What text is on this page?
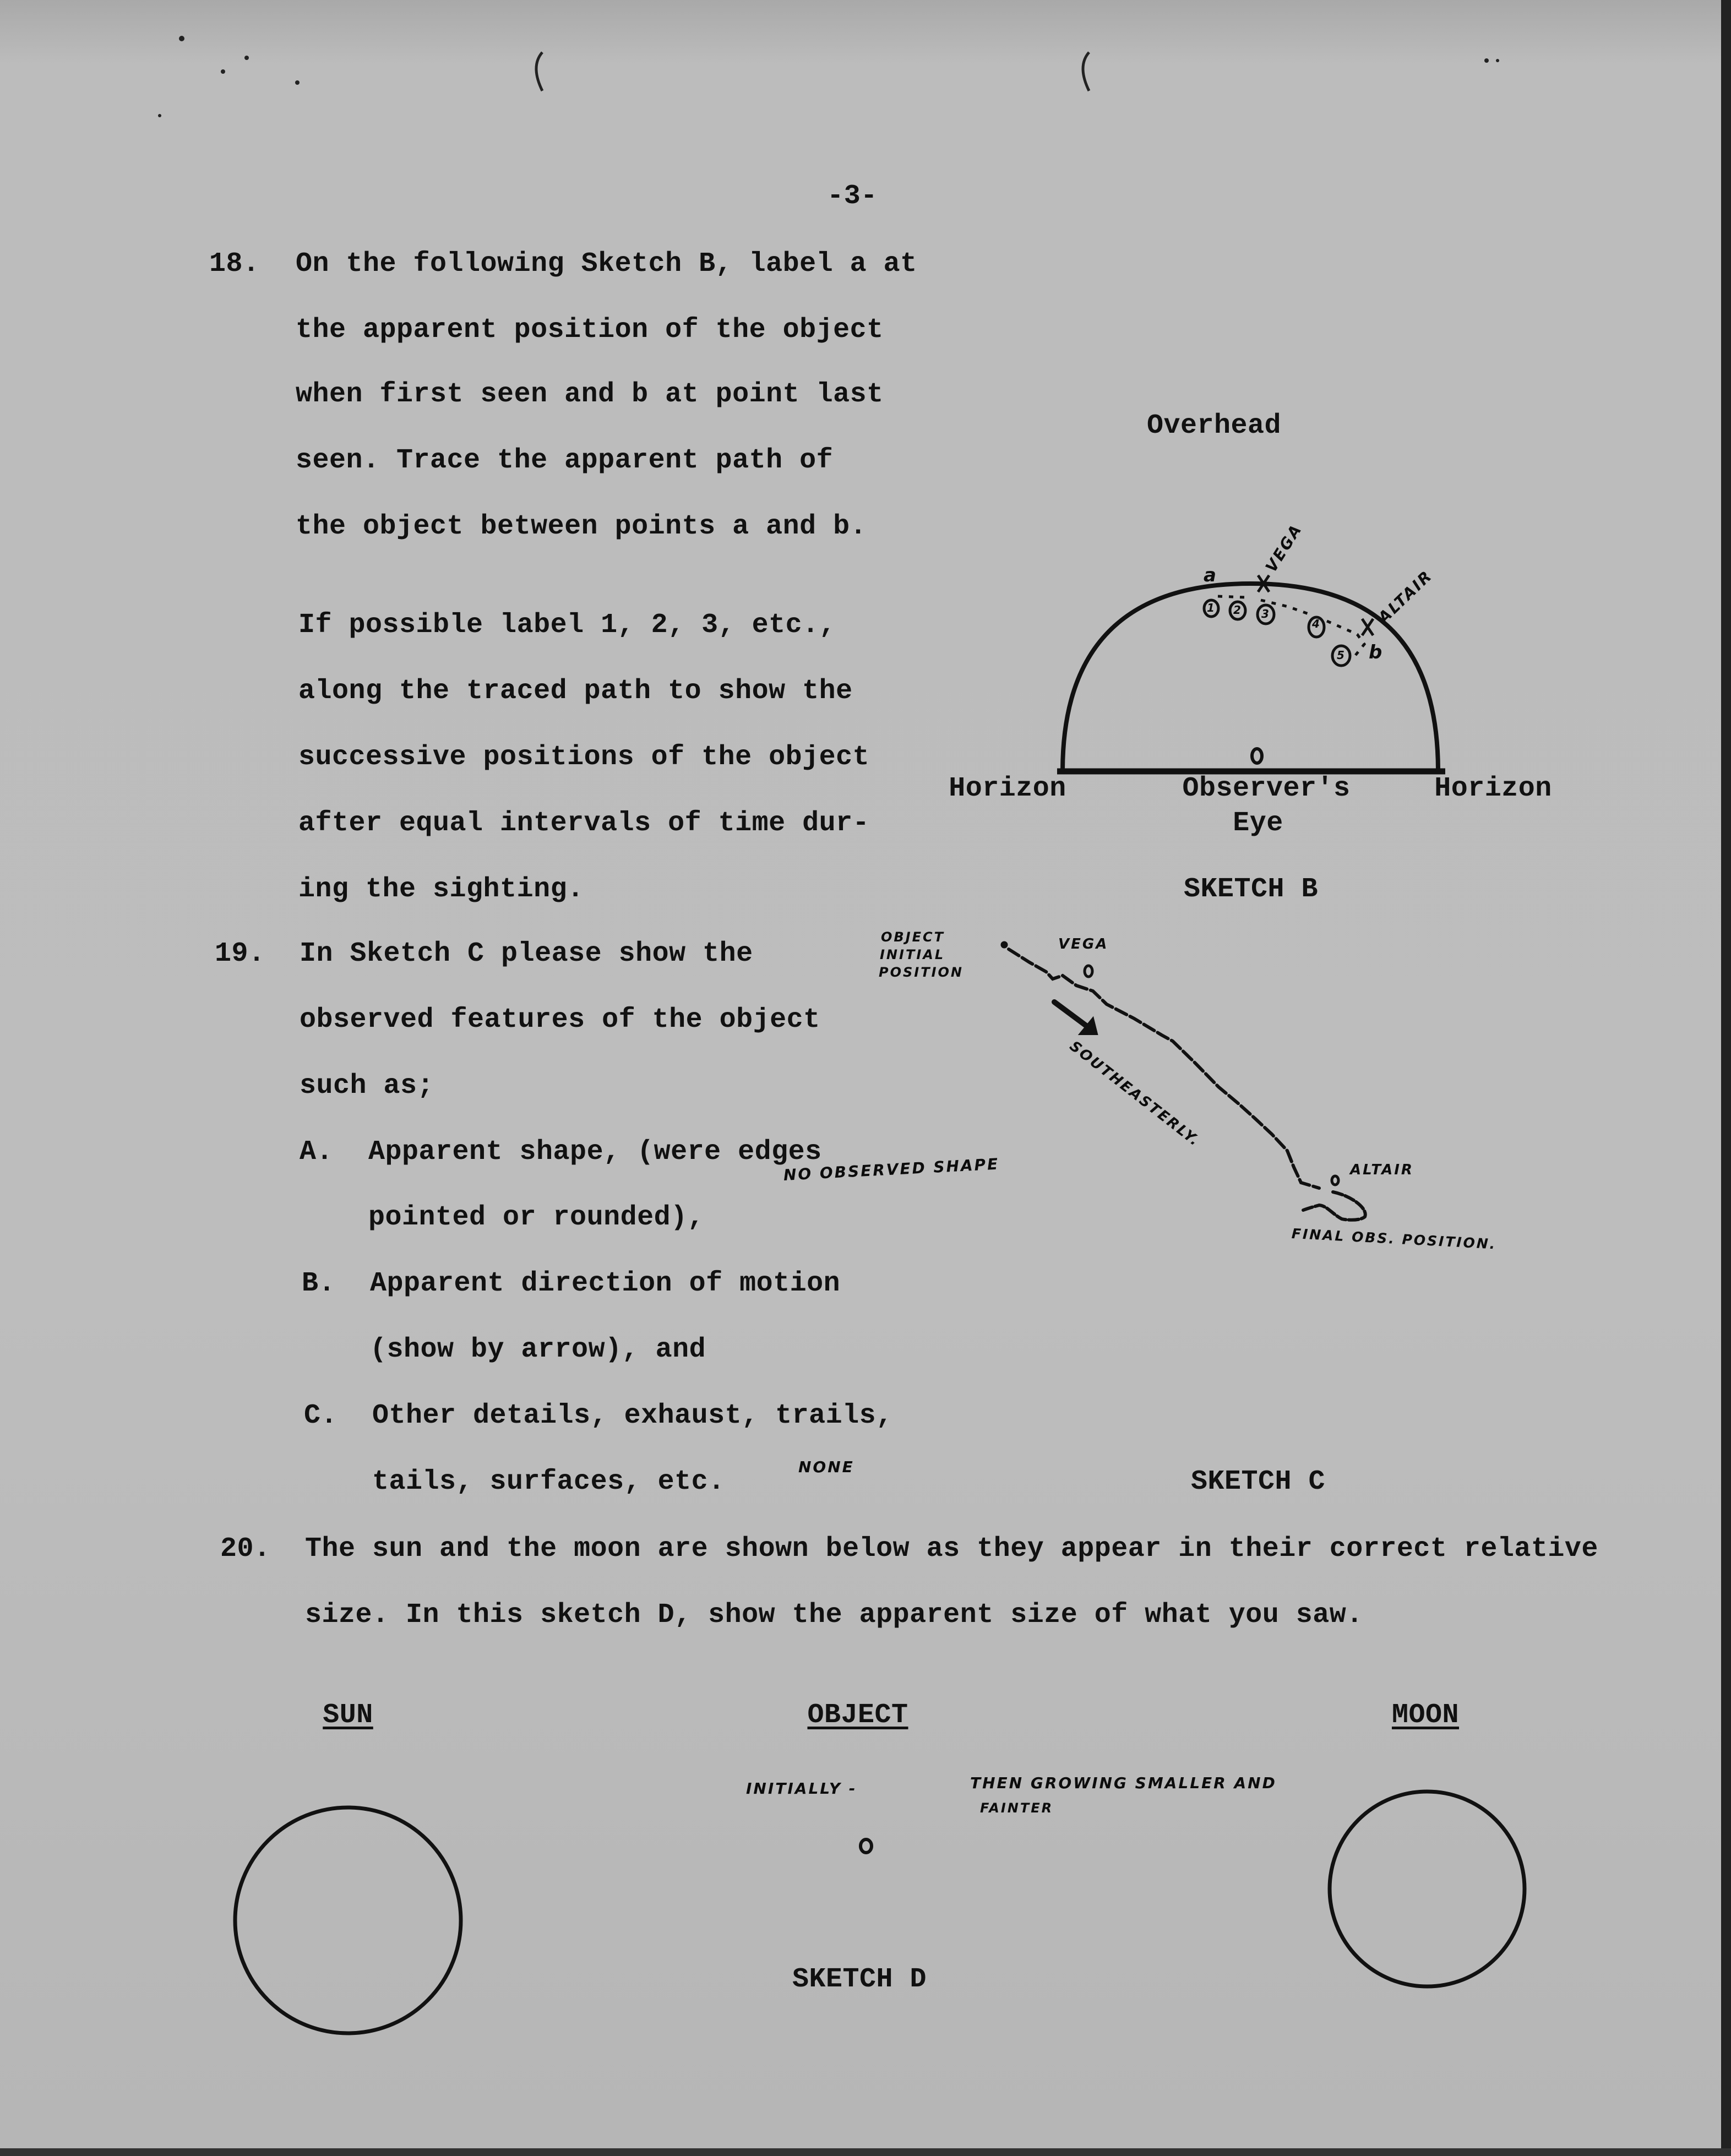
-3-
18. On the following Sketch B, label a at
the apparent position of the object
when first seen and b at point last
seen. Trace the apparent path of
the object between points a and b.
If possible label 1, 2, 3, etc.,
along the traced path to show the
successive positions of the object
after equal intervals of time dur-
ing the sighting.
19. In Sketch C please show the
observed features of the object
such as;
A. Apparent shape, (were edges
pointed or rounded),
NO OBSERVED SHAPE
B. Apparent direction of motion
(show by arrow), and
C. Other details, exhaust, trails,
tails, surfaces, etc.	NONE
20. The sun and the moon are shown below as they appear in their correct relative
size. In this sketch D, show the apparent size of what you saw.
Overhead
Horizon	Observer's
Eye
Horizon
SKETCH B
a
b
VEGA
ALTAIR
1 2 3
4
5
OBJECT
INITIAL
POSITION
VEGA
SOUTHEASTERLY.
ALTAIR
FINAL OBS. POSITION.
SKETCH C
SUN	OBJECT	MOON
SKETCH D
INITIALLY -	THEN GROWING SMALLER AND
FAINTER
